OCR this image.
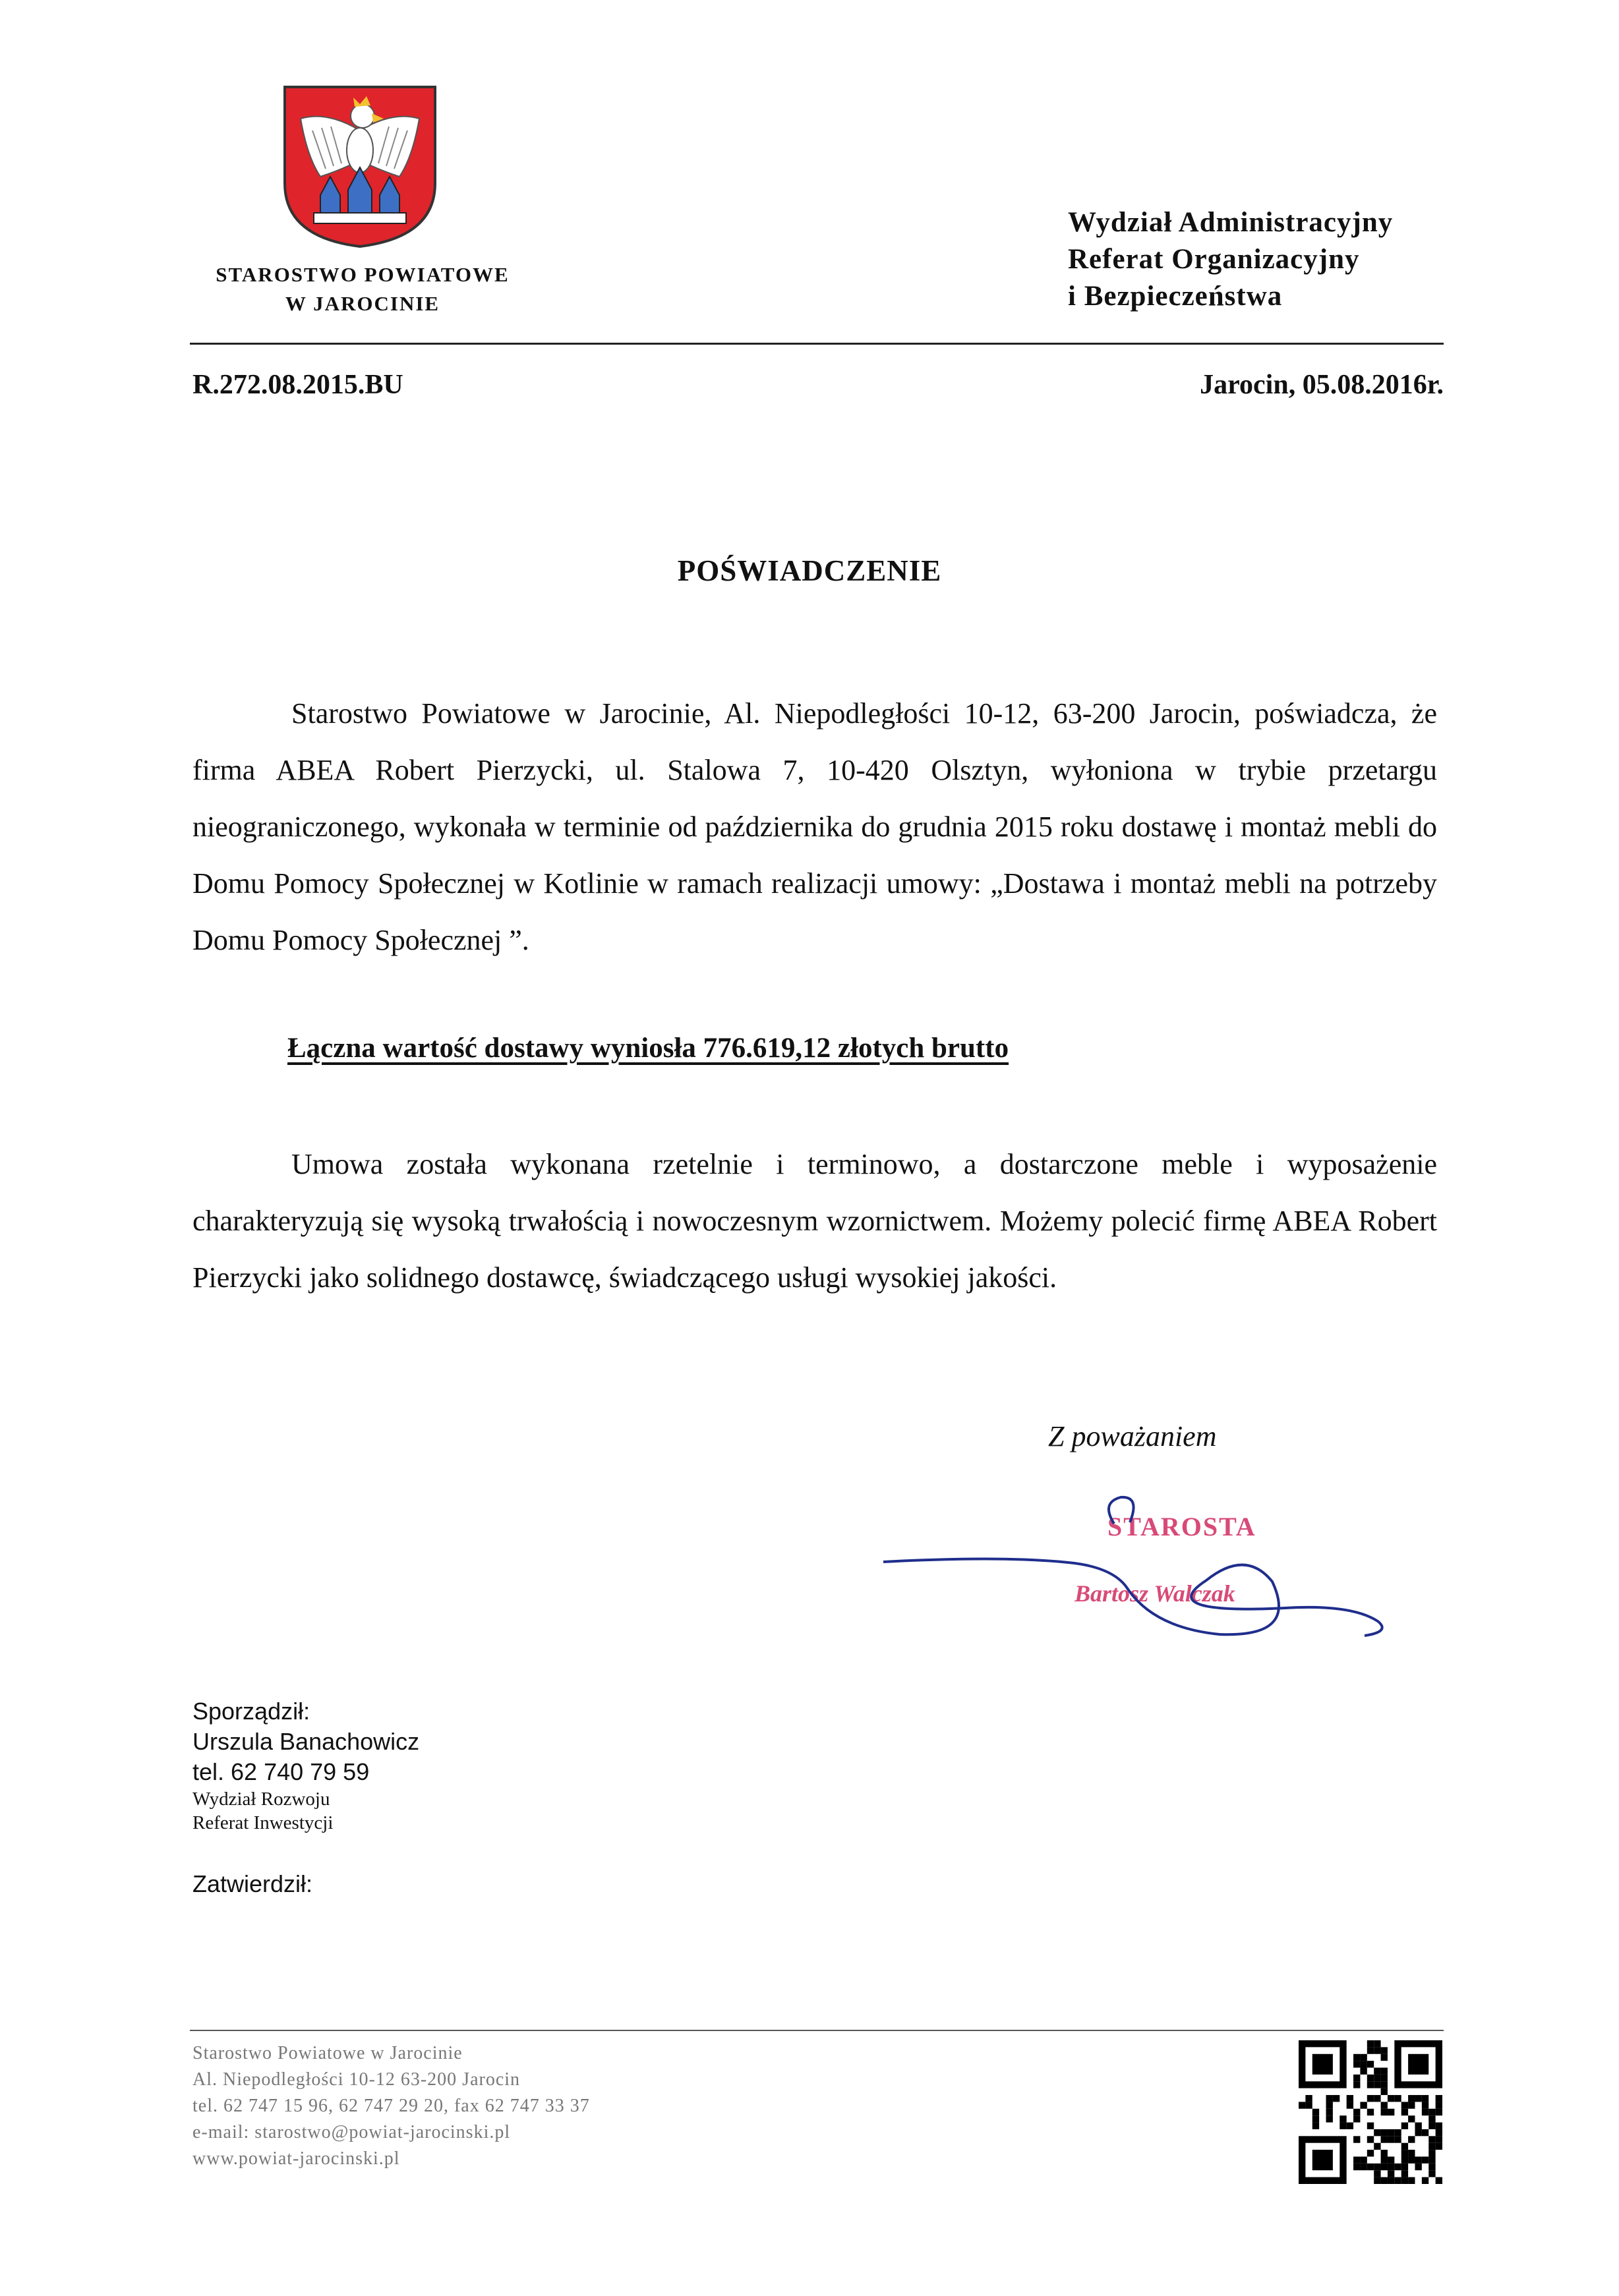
STAROSTWO POWIATOWE
W JAROCINIE
Wydział Administracyjny
Referat Organizacyjny
i Bezpieczeństwa
R.272.08.2015.BU	Jarocin, 05.08.2016r.
POŚWIADCZENIE

Starostwo Powiatowe w Jarocinie, Al. Niepodległości 10-12, 63-200 Jarocin, poświadcza, że firma ABEA Robert Pierzycki, ul. Stalowa 7, 10-420 Olsztyn, wyłoniona w trybie przetargu nieograniczonego, wykonała w terminie od października do grudnia 2015 roku dostawę i montaż mebli do Domu Pomocy Społecznej w Kotlinie w ramach realizacji umowy: „Dostawa i montaż mebli na potrzeby Domu Pomocy Społecznej ”.

Łączna wartość dostawy wyniosła 776.619,12 złotych brutto

Umowa została wykonana rzetelnie i terminowo, a dostarczone meble i wyposażenie charakteryzują się wysoką trwałością i nowoczesnym wzornictwem. Możemy polecić firmę ABEA Robert Pierzycki jako solidnego dostawcę, świadczącego usługi wysokiej jakości.

Z poważaniem
STAROSTA
Bartosz Walczak
Sporządził:
Urszula Banachowicz
tel. 62 740 79 59
Wydział Rozwoju
Referat Inwestycji
Zatwierdził:
Starostwo Powiatowe w Jarocinie
Al. Niepodległości 10-12 63-200 Jarocin
tel. 62 747 15 96, 62 747 29 20, fax 62 747 33 37
e-mail: starostwo@powiat-jarocinski.pl
www.powiat-jarocinski.pl
